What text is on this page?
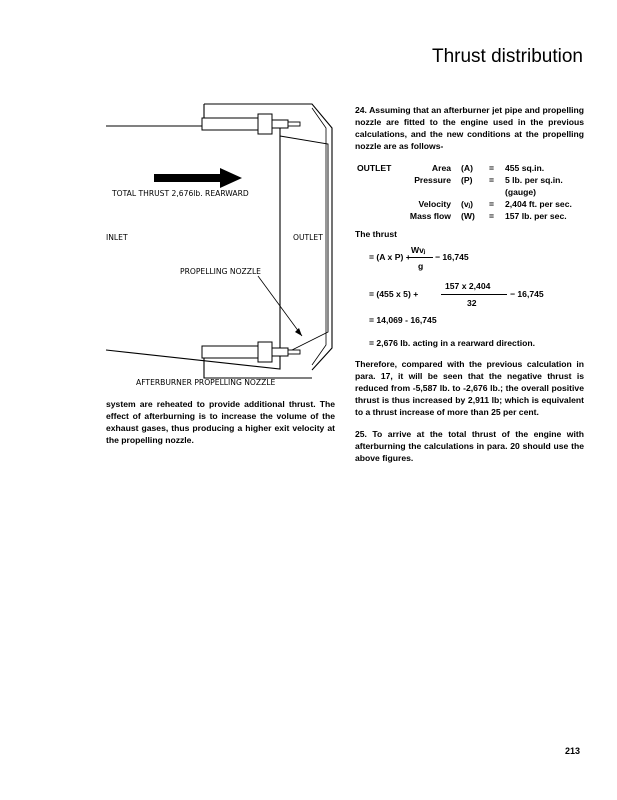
Thrust distribution
TOTAL THRUST 2,676lb. REARWARD
INLET	OUTLET
PROPELLING NOZZLE
AFTERBURNER PROPELLING NOZZLE

system are reheated to provide additional thrust. The effect of afterburning is to increase the volume of the exhaust gases, thus producing a higher exit velocity at the propelling nozzle.

24. Assuming that an afterburner jet pipe and propelling nozzle are fitted to the engine used in the previous calculations, and the new conditions at the propelling nozzle are as follows-

OUTLET	Area	(A)	=	455 sq.in.
	Pressure	(P)	=	5 lb. per sq.in.
				(gauge)
	Velocity	(vⱼ)	=	2,404 ft. per sec.
	Mass flow	(W)	=	157 lb. per sec.

The thrust

Wvⱼ
= (A x P) +
g
− 16,745
157 x 2,404
= (455 x 5) +
32
− 16,745
= 14,069 - 16,745
= 2,676 lb. acting in a rearward direction.

Therefore, compared with the previous calculation in para. 17, it will be seen that the negative thrust is reduced from -5,587 lb. to -2,676 lb.; the overall positive thrust is thus increased by 2,911 lb; which is equivalent to a thrust increase of more than 25 per cent.

25. To arrive at the total thrust of the engine with afterburning the calculations in para. 20 should use the above figures.

213
